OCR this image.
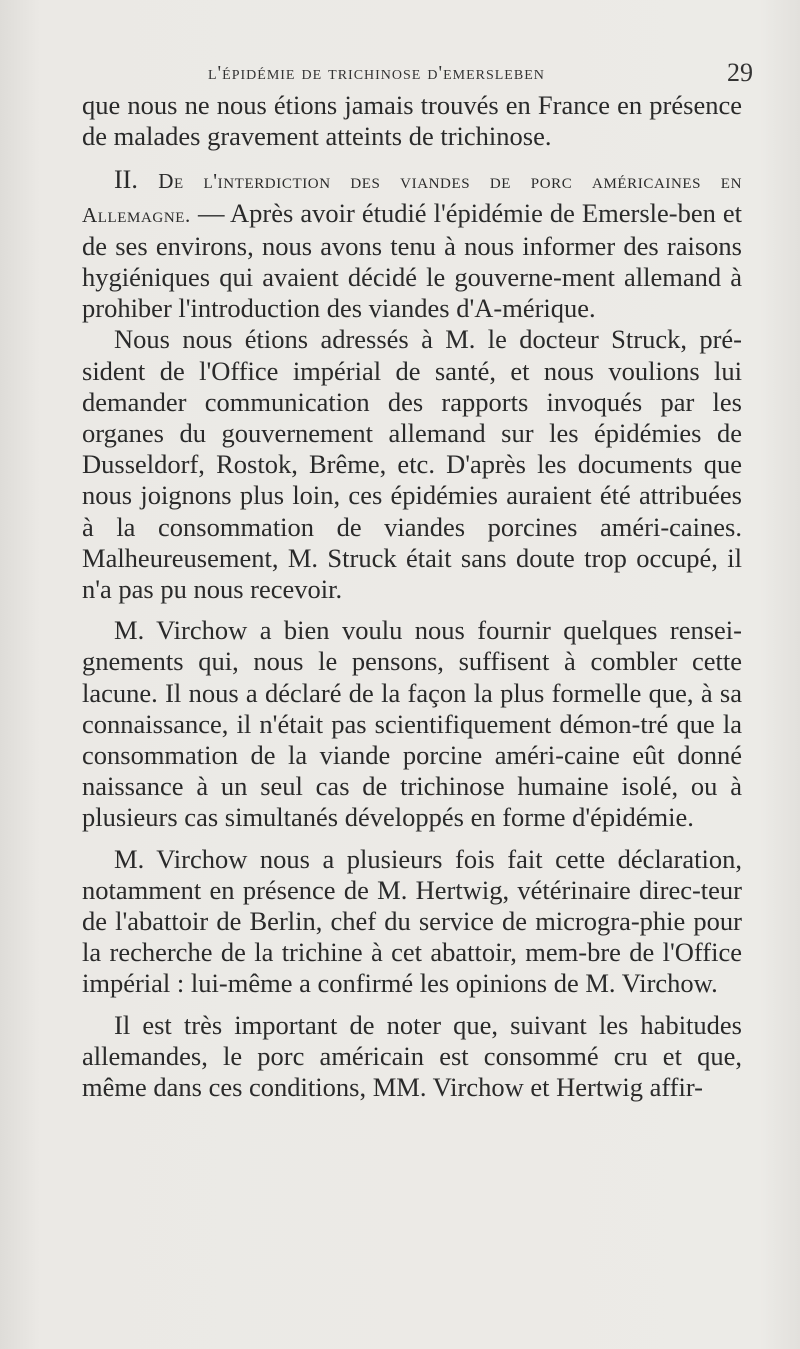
l'épidémie de trichinose d'emersleben	29

que nous ne nous étions jamais trouvés en France en présence de malades gravement atteints de trichinose.

II. De l'interdiction des viandes de porc américaines en Allemagne. — Après avoir étudié l'épidémie de Emersle-ben et de ses environs, nous avons tenu à nous informer des raisons hygiéniques qui avaient décidé le gouverne-ment allemand à prohiber l'introduction des viandes d'A-mérique.

Nous nous étions adressés à M. le docteur Struck, pré-sident de l'Office impérial de santé, et nous voulions lui demander communication des rapports invoqués par les organes du gouvernement allemand sur les épidémies de Dusseldorf, Rostok, Brême, etc. D'après les documents que nous joignons plus loin, ces épidémies auraient été attribuées à la consommation de viandes porcines améri-caines. Malheureusement, M. Struck était sans doute trop occupé, il n'a pas pu nous recevoir.

M. Virchow a bien voulu nous fournir quelques rensei-gnements qui, nous le pensons, suffisent à combler cette lacune. Il nous a déclaré de la façon la plus formelle que, à sa connaissance, il n'était pas scientifiquement démon-tré que la consommation de la viande porcine améri-caine eût donné naissance à un seul cas de trichinose humaine isolé, ou à plusieurs cas simultanés développés en forme d'épidémie.

M. Virchow nous a plusieurs fois fait cette déclaration, notamment en présence de M. Hertwig, vétérinaire direc-teur de l'abattoir de Berlin, chef du service de microgra-phie pour la recherche de la trichine à cet abattoir, mem-bre de l'Office impérial : lui-même a confirmé les opinions de M. Virchow.

Il est très important de noter que, suivant les habitudes allemandes, le porc américain est consommé cru et que, même dans ces conditions, MM. Virchow et Hertwig affir-
